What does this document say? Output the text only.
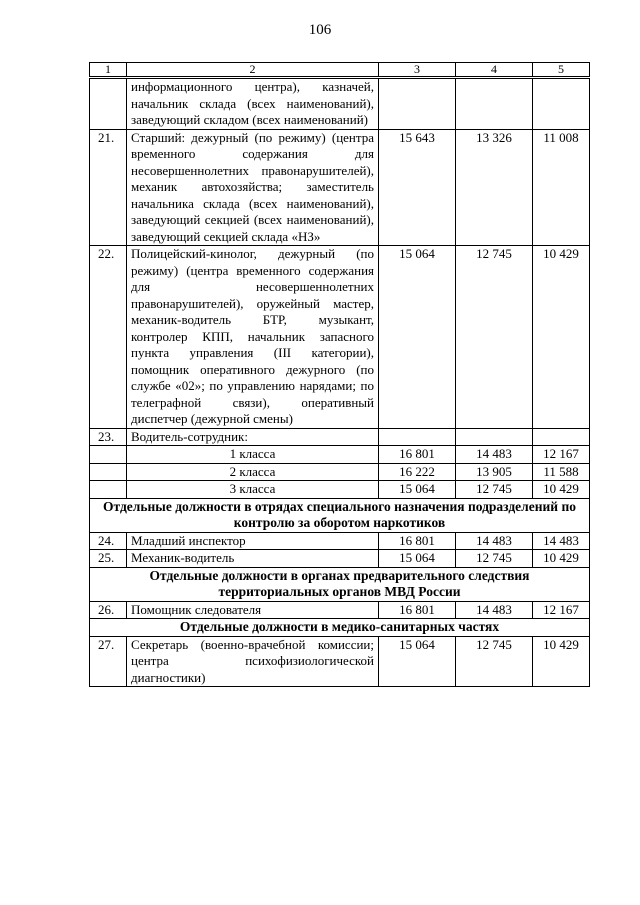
106
1	2	3	4	5
	информационного центра), казначей, начальник склада (всех наименований), заведующий складом (всех наименований)			
21.	Старший: дежурный (по режиму) (центра временного содержания для несовершеннолетних правонарушителей), механик автохозяйства; заместитель начальника склада (всех наименований), заведующий секцией (всех наименований), заведующий секцией склада «НЗ»	15 643	13 326	11 008
22.	Полицейский-кинолог, дежурный (по режиму) (центра временного содержания для несовершеннолетних правонарушителей), оружейный мастер, механик-водитель БТР, музыкант, контролер КПП, начальник запасного пункта управления (III категории), помощник оперативного дежурного (по службе «02»; по управлению нарядами; по телеграфной связи), оперативный диспетчер (дежурной смены)	15 064	12 745	10 429
23.	Водитель-сотрудник:			
	1 класса	16 801	14 483	12 167
	2 класса	16 222	13 905	11 588
	3 класса	15 064	12 745	10 429
Отдельные должности в отрядах специального назначения подразделений по контролю за оборотом наркотиков				
24.	Младший инспектор	16 801	14 483	14 483
25.	Механик-водитель	15 064	12 745	10 429
Отдельные должности в органах предварительного следствия территориальных органов МВД России				
26.	Помощник следователя	16 801	14 483	12 167
Отдельные должности в медико-санитарных частях				
27.	Секретарь (военно-врачебной комиссии; центра психофизиологической диагностики)	15 064	12 745	10 429
